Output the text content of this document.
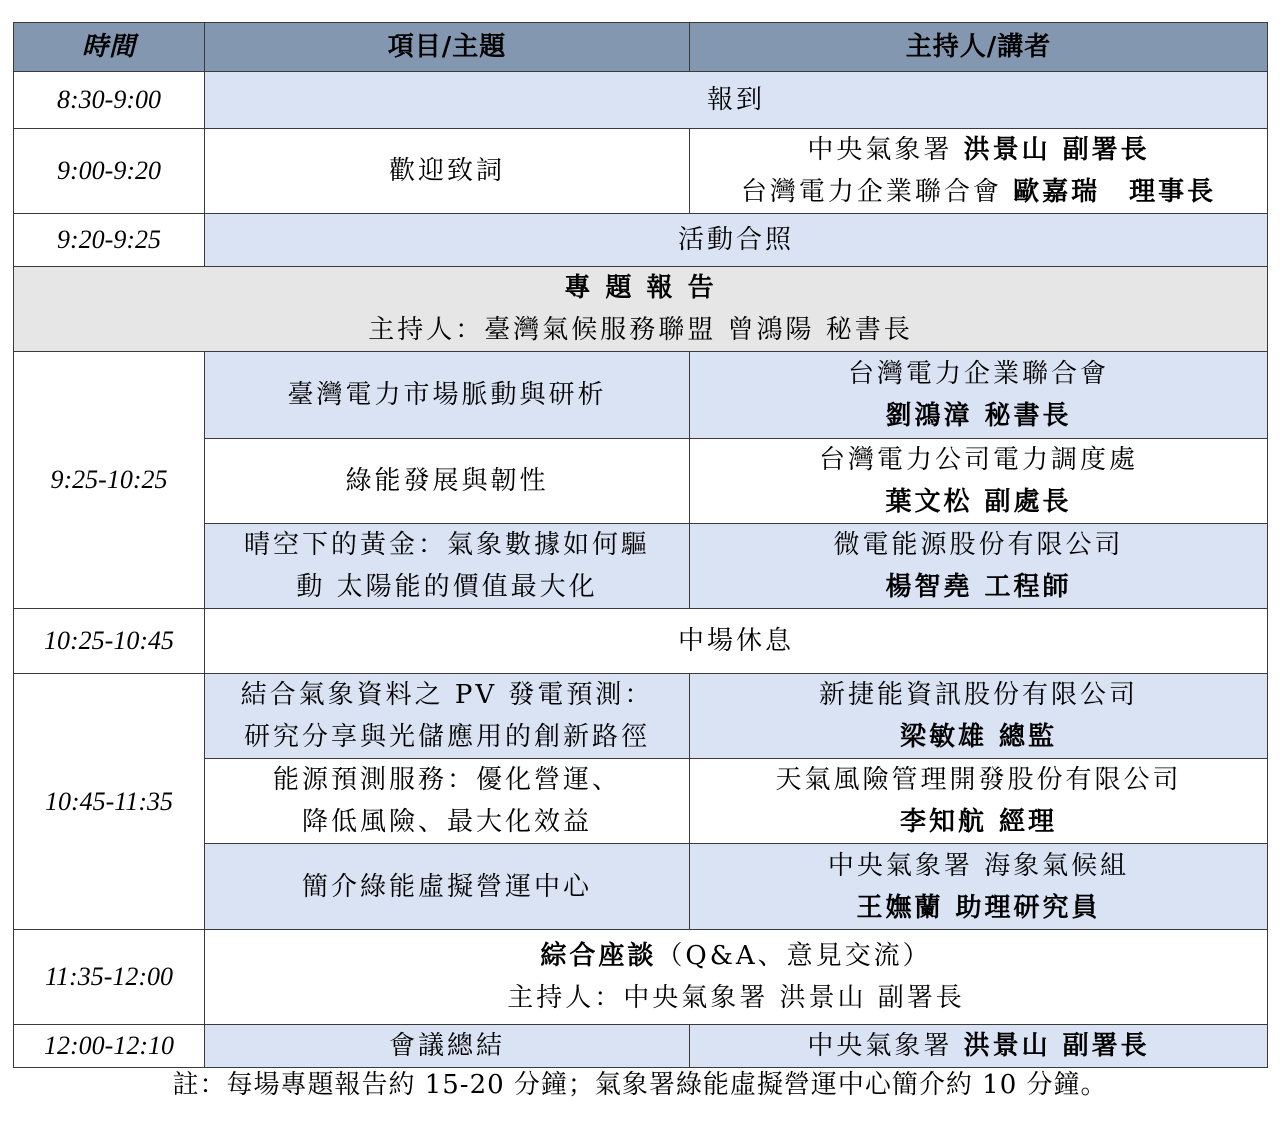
時間	項目/主題	主持人/講者
8:30-9:00	報到	
9:00-9:20	歡迎致詞	中央氣象署 洪景山 副署長
台灣電力企業聯合會 歐嘉瑞　理事長

9:20-9:25	活動合照	

專 題 報 告
主持人：臺灣氣候服務聯盟 曾鴻陽 秘書長		

9:25-10:25	臺灣電力市場脈動與研析	台灣電力企業聯合會
劉鴻漳 秘書長

	綠能發展與韌性	台灣電力公司電力調度處
葉文松 副處長

	晴空下的黃金：氣象數據如何驅
動 太陽能的價值最大化	微電能源股份有限公司
楊智堯 工程師

10:25-10:45	中場休息	
10:45-11:35	結合氣象資料之 PV 發電預測：
研究分享與光儲應用的創新路徑	新捷能資訊股份有限公司
梁敏雄 總監

	能源預測服務：優化營運、
降低風險、最大化效益	天氣風險管理開發股份有限公司
李知航 經理

	簡介綠能虛擬營運中心	中央氣象署 海象氣候組
王嫵蘭 助理研究員

11:35-12:00	綜合座談（Q&A、意見交流）
主持人：中央氣象署 洪景山 副署長	

12:00-12:10	會議總結	中央氣象署 洪景山 副署長
註：每場專題報告約 15-20 分鐘；氣象署綠能虛擬營運中心簡介約 10 分鐘。
